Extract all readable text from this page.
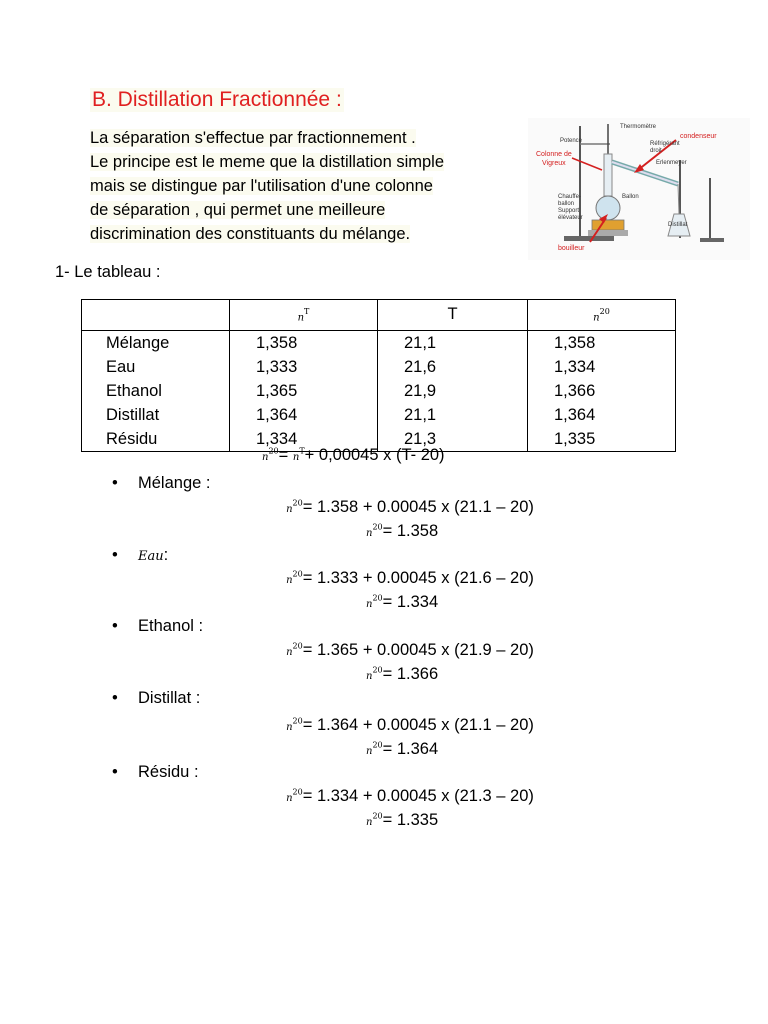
B. Distillation Fractionnée :
La séparation s'effectue par fractionnement .
Le principe est le meme que la distillation simple
mais se distingue par l'utilisation d'une colonne
de séparation , qui permet une meilleure
discrimination des constituants du mélange.
Thermomètre
Potence
Colonne de
Vigreux
Réfrigérant
droit
Erlenmeyer
Chauffe-
ballon
Support
élévateur
Ballon
Distillat
condenseur
bouilleur
1- Le tableau :
	$n^T$	T	$n^{20}$
Mélange	1,358	21,1	1,358
Eau	1,333	21,6	1,334
Ethanol	1,365	21,9	1,366
Distillat	1,364	21,1	1,364
Résidu	1,334	21,3	1,335
$n^{20}= n^T+ 0,00045$ x (T- 20)
• Mélange :
$n^{20}= 1.358 + 0.00045$ x (21.1 – 20)
$n^{20}= 1.358$
• Eau:
$n^{20}= 1.333 + 0.00045$ x (21.6 – 20)
$n^{20}= 1.334$
• Ethanol :
$n^{20}= 1.365 + 0.00045$ x (21.9 – 20)
$n^{20}= 1.366$
• Distillat :
$n^{20}= 1.364 + 0.00045$ x (21.1 – 20)
$n^{20}= 1.364$
• Résidu :
$n^{20}= 1.334 + 0.00045$ x (21.3 – 20)
$n^{20}= 1.335$
